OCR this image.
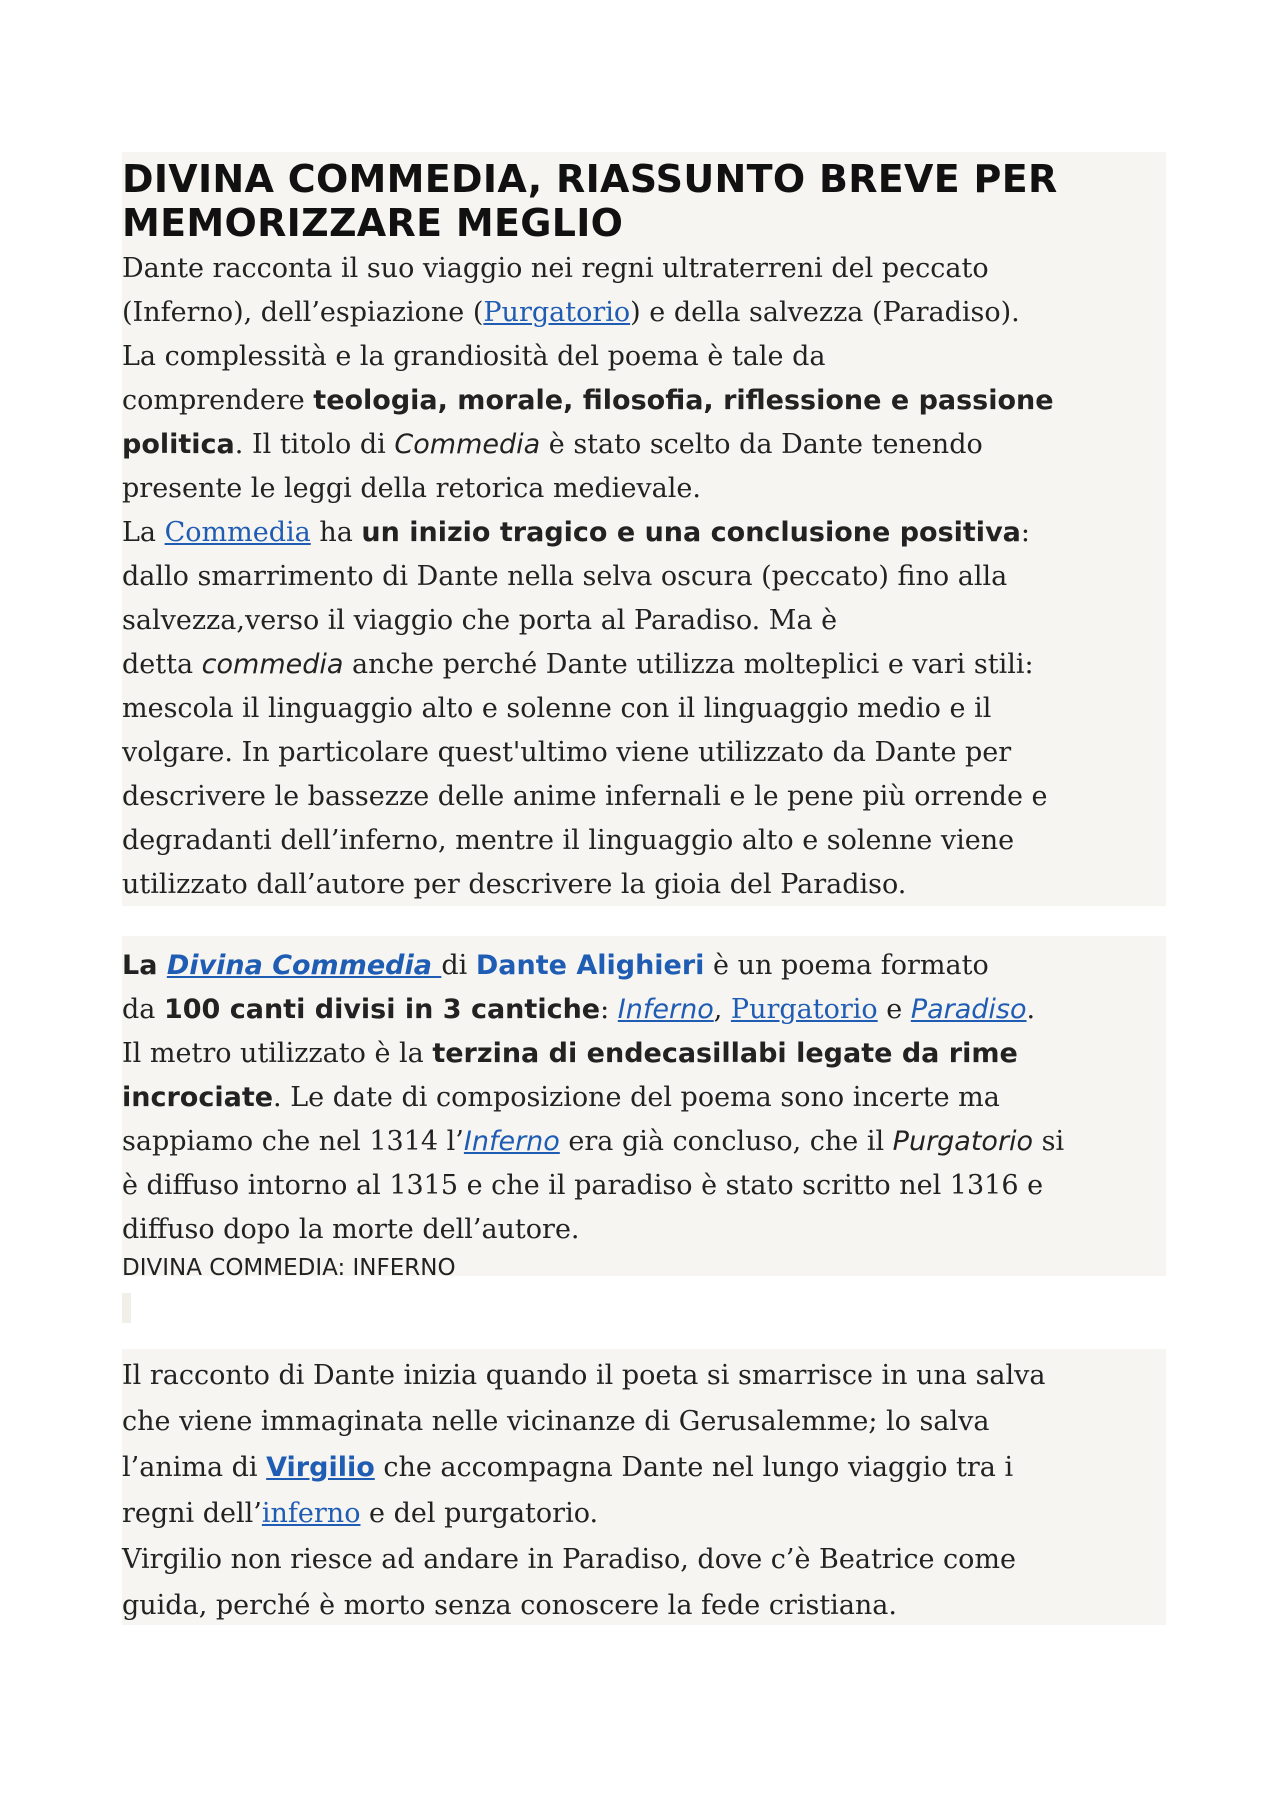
DIVINA COMMEDIA, RIASSUNTO BREVE PER
MEMORIZZARE MEGLIO
Dante racconta il suo viaggio nei regni ultraterreni del peccato
(Inferno), dell’espiazione (Purgatorio) e della salvezza (Paradiso).
La complessità e la grandiosità del poema è tale da
comprendere teologia, morale, filosofia, riflessione e passione
politica. Il titolo di Commedia è stato scelto da Dante tenendo
presente le leggi della retorica medievale.
La Commedia ha un inizio tragico e una conclusione positiva:
dallo smarrimento di Dante nella selva oscura (peccato) fino alla
salvezza,verso il viaggio che porta al Paradiso. Ma è
detta commedia anche perché Dante utilizza molteplici e vari stili:
mescola il linguaggio alto e solenne con il linguaggio medio e il
volgare. In particolare quest'ultimo viene utilizzato da Dante per
descrivere le bassezze delle anime infernali e le pene più orrende e
degradanti dell’inferno, mentre il linguaggio alto e solenne viene
utilizzato dall’autore per descrivere la gioia del Paradiso.
La Divina Commedia di Dante Alighieri è un poema formato
da 100 canti divisi in 3 cantiche: Inferno, Purgatorio e Paradiso.
Il metro utilizzato è la terzina di endecasillabi legate da rime
incrociate. Le date di composizione del poema sono incerte ma
sappiamo che nel 1314 l’Inferno era già concluso, che il Purgatorio si
è diffuso intorno al 1315 e che il paradiso è stato scritto nel 1316 e
diffuso dopo la morte dell’autore.
DIVINA COMMEDIA: INFERNO
Il racconto di Dante inizia quando il poeta si smarrisce in una salva
che viene immaginata nelle vicinanze di Gerusalemme; lo salva
l’anima di Virgilio che accompagna Dante nel lungo viaggio tra i
regni dell’inferno e del purgatorio.
Virgilio non riesce ad andare in Paradiso, dove c’è Beatrice come
guida, perché è morto senza conoscere la fede cristiana.
